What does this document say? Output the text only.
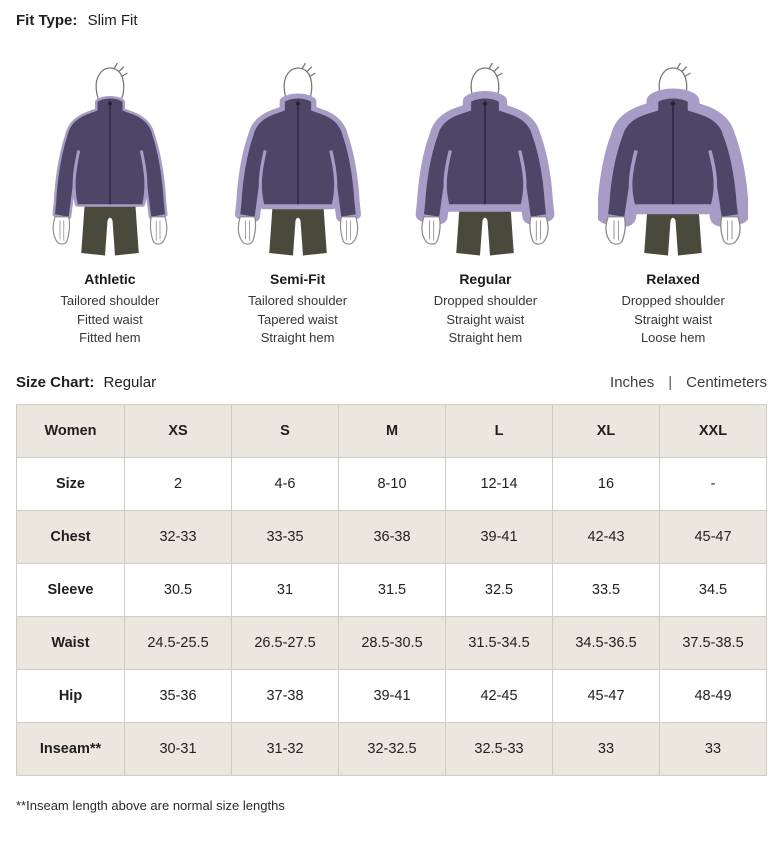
Fit Type: Slim Fit
Athletic
Tailored shoulder
Fitted waist
Fitted hem
Semi-Fit
Tailored shoulder
Tapered waist
Straight hem
Regular
Dropped shoulder
Straight waist
Straight hem
Relaxed
Dropped shoulder
Straight waist
Loose hem
Size Chart: Regular	Inches | Centimeters
Women	XS	S	M	L	XL	XXL
Size	2	4-6	8-10	12-14	16	-
Chest	32-33	33-35	36-38	39-41	42-43	45-47
Sleeve	30.5	31	31.5	32.5	33.5	34.5
Waist	24.5-25.5	26.5-27.5	28.5-30.5	31.5-34.5	34.5-36.5	37.5-38.5
Hip	35-36	37-38	39-41	42-45	45-47	48-49
Inseam**	30-31	31-32	32-32.5	32.5-33	33	33

**Inseam length above are normal size lengths
